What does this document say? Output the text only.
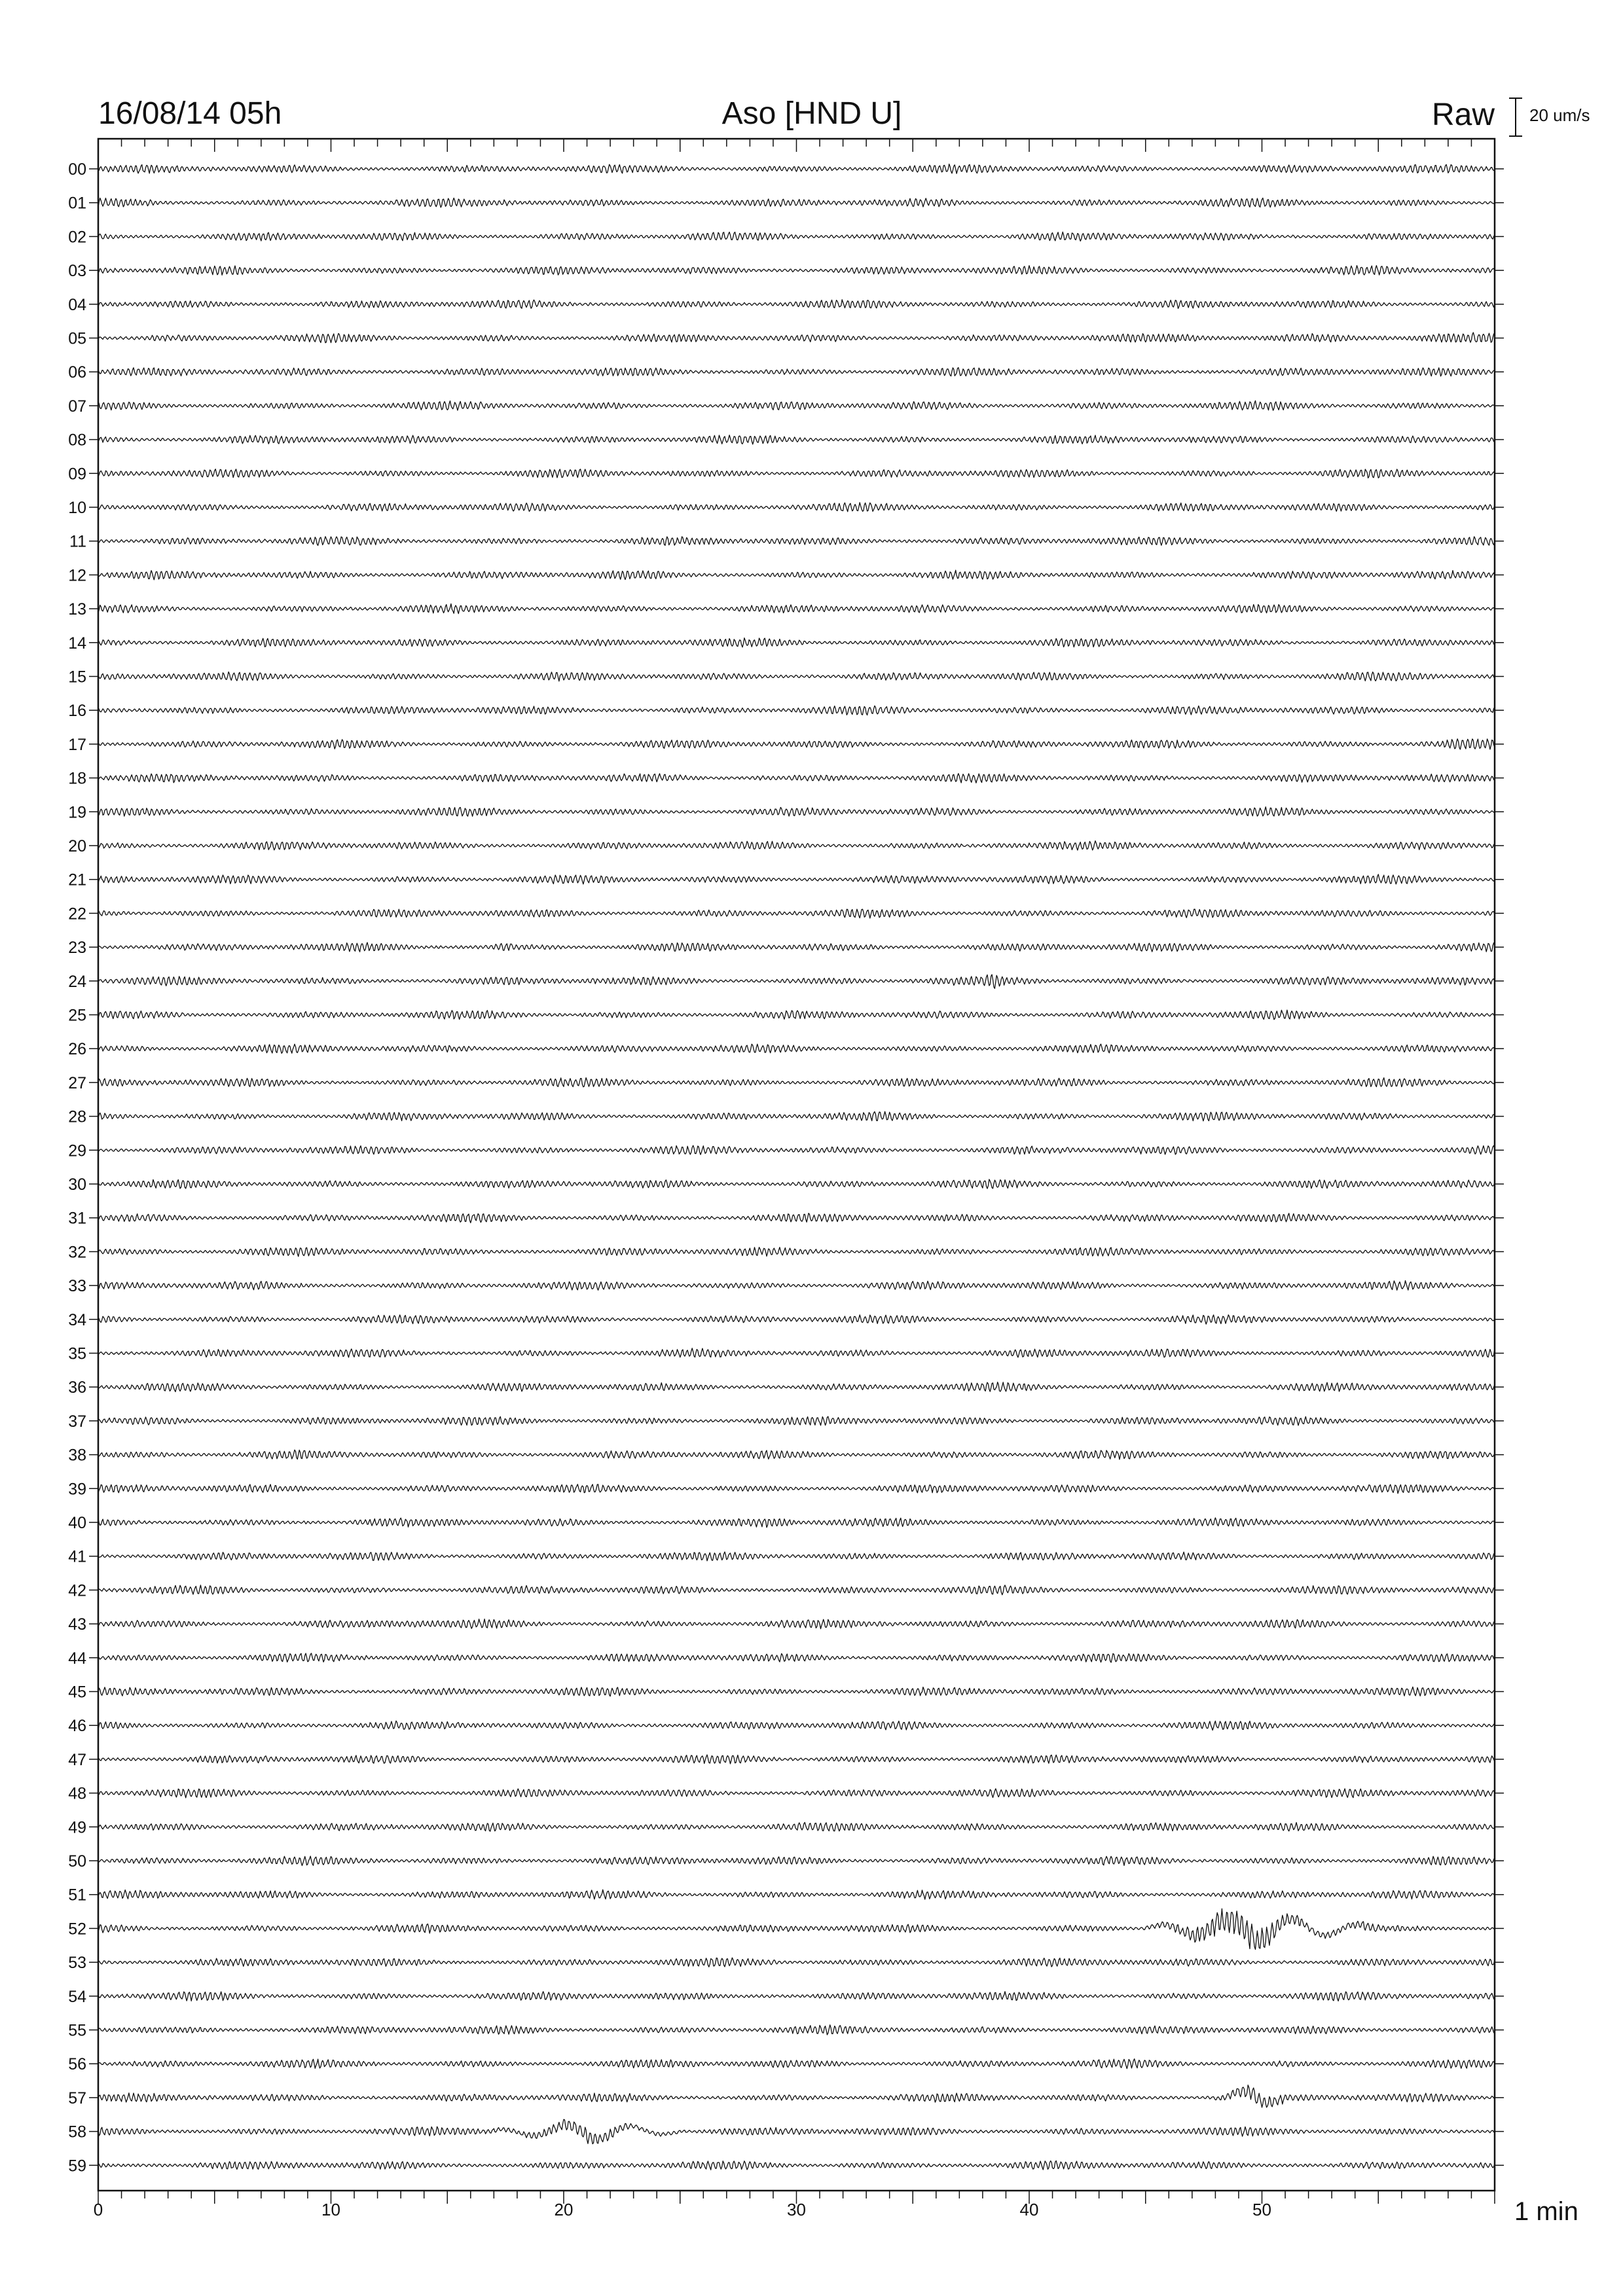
16/08/14 05h	Aso [HND U]	Raw 20 um/s
00
01
02
03
04
05
06
07
08
09
10
11
12
13
14
15
16
17
18
19
20
21
22
23
24
25
26
27
28
29
30
31
32
33
34
35
36
37
38
39
40
41
42
43
44
45
46
47
48
49
50
51
52
53
54
55
56
57
58
59
0	10	20	30	40	50	1 min
